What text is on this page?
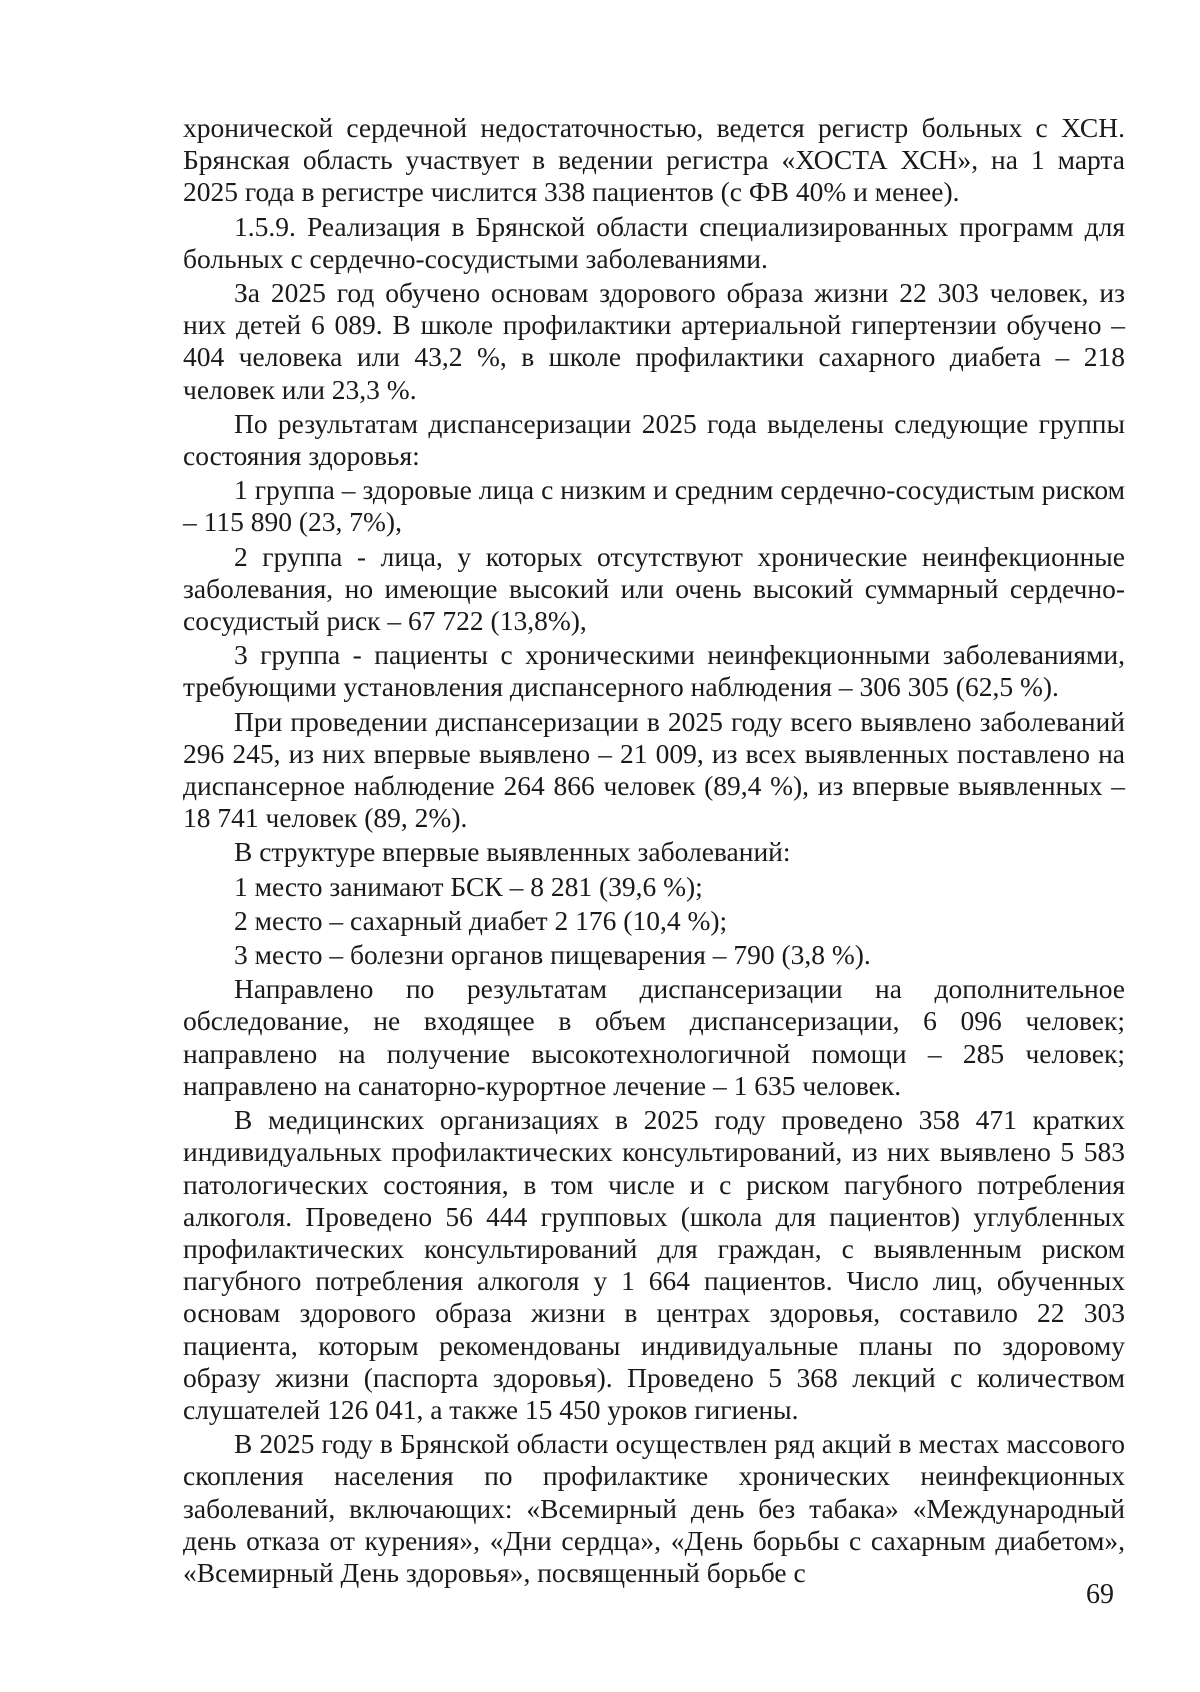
хронической сердечной недостаточностью, ведется регистр больных с ХСН. Брянская область участвует в ведении регистра «ХОСТА ХСН», на 1 марта 2025 года в регистре числится 338 пациентов (с ФВ 40% и менее).

1.5.9. Реализация в Брянской области специализированных программ для больных с сердечно-сосудистыми заболеваниями.

За 2025 год обучено основам здорового образа жизни 22 303 человек, из них детей 6 089. В школе профилактики артериальной гипертензии обучено – 404 человека или 43,2 %, в школе профилактики сахарного диабета – 218 человек или 23,3 %.

По результатам диспансеризации 2025 года выделены следующие группы состояния здоровья:

1 группа – здоровые лица с низким и средним сердечно-сосудистым риском – 115 890 (23, 7%),

2 группа - лица, у которых отсутствуют хронические неинфекционные заболевания, но имеющие высокий или очень высокий суммарный сердечно-сосудистый риск – 67 722 (13,8%),

3 группа - пациенты с хроническими неинфекционными заболеваниями, требующими установления диспансерного наблюдения – 306 305 (62,5 %).

При проведении диспансеризации в 2025 году всего выявлено заболеваний 296 245, из них впервые выявлено – 21 009, из всех выявленных поставлено на диспансерное наблюдение 264 866 человек (89,4 %), из впервые выявленных – 18 741 человек (89, 2%).

В структуре впервые выявленных заболеваний:

1 место занимают БСК – 8 281 (39,6 %);

2 место – сахарный диабет 2 176 (10,4 %);

3 место – болезни органов пищеварения – 790 (3,8 %).

Направлено по результатам диспансеризации на дополнительное обследование, не входящее в объем диспансеризации, 6 096 человек; направлено на получение высокотехнологичной помощи – 285 человек; направлено на санаторно-курортное лечение – 1 635 человек.

В медицинских организациях в 2025 году проведено 358 471 кратких индивидуальных профилактических консультирований, из них выявлено 5 583 патологических состояния, в том числе и с риском пагубного потребления алкоголя. Проведено 56 444 групповых (школа для пациентов) углубленных профилактических консультирований для граждан, с выявленным риском пагубного потребления алкоголя у 1 664 пациентов. Число лиц, обученных основам здорового образа жизни в центрах здоровья, составило 22 303 пациента, которым рекомендованы индивидуальные планы по здоровому образу жизни (паспорта здоровья). Проведено 5 368 лекций с количеством слушателей 126 041, а также 15 450 уроков гигиены.

В 2025 году в Брянской области осуществлен ряд акций в местах массового скопления населения по профилактике хронических неинфекционных заболеваний, включающих: «Всемирный день без табака» «Международный день отказа от курения», «Дни сердца», «День борьбы с сахарным диабетом», «Всемирный День здоровья», посвященный борьбе с

69
